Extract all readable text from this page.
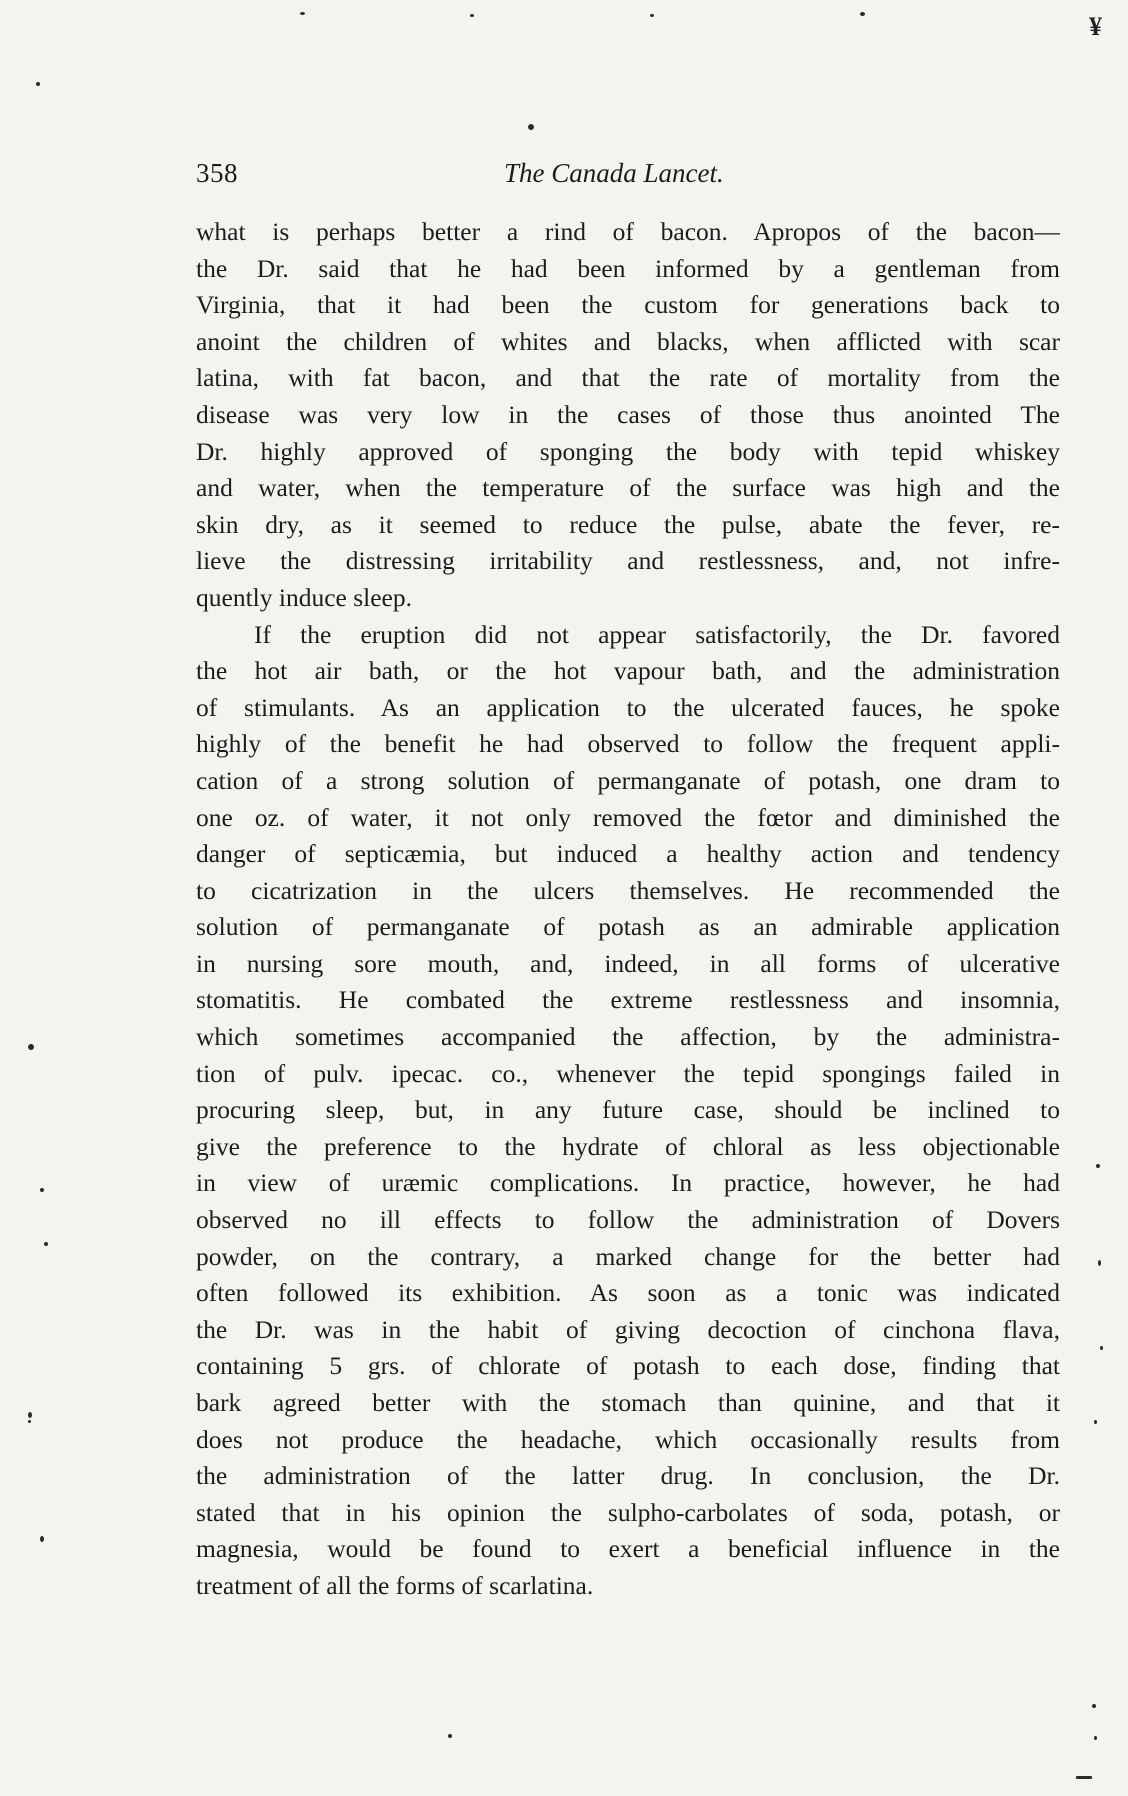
358	The Canada Lancet.
what is perhaps better a rind of bacon. Apropos of the bacon—
the Dr. said that he had been informed by a gentleman from
Virginia, that it had been the custom for generations back to
anoint the children of whites and blacks, when afflicted with scar
latina, with fat bacon, and that the rate of mortality from the
disease was very low in the cases of those thus anointed The
Dr. highly approved of sponging the body with tepid whiskey
and water, when the temperature of the surface was high and the
skin dry, as it seemed to reduce the pulse, abate the fever, re-
lieve the distressing irritability and restlessness, and, not infre-
quently induce sleep.
If the eruption did not appear satisfactorily, the Dr. favored
the hot air bath, or the hot vapour bath, and the administration
of stimulants. As an application to the ulcerated fauces, he spoke
highly of the benefit he had observed to follow the frequent appli-
cation of a strong solution of permanganate of potash, one dram to
one oz. of water, it not only removed the fœtor and diminished the
danger of septicæmia, but induced a healthy action and tendency
to cicatrization in the ulcers themselves. He recommended the
solution of permanganate of potash as an admirable application
in nursing sore mouth, and, indeed, in all forms of ulcerative
stomatitis. He combated the extreme restlessness and insomnia,
which sometimes accompanied the affection, by the administra-
tion of pulv. ipecac. co., whenever the tepid spongings failed in
procuring sleep, but, in any future case, should be inclined to
give the preference to the hydrate of chloral as less objectionable
in view of uræmic complications. In practice, however, he had
observed no ill effects to follow the administration of Dovers
powder, on the contrary, a marked change for the better had
often followed its exhibition. As soon as a tonic was indicated
the Dr. was in the habit of giving decoction of cinchona flava,
containing 5 grs. of chlorate of potash to each dose, finding that
bark agreed better with the stomach than quinine, and that it
does not produce the headache, which occasionally results from
the administration of the latter drug. In conclusion, the Dr.
stated that in his opinion the sulpho-carbolates of soda, potash, or
magnesia, would be found to exert a beneficial influence in the
treatment of all the forms of scarlatina.
¥
